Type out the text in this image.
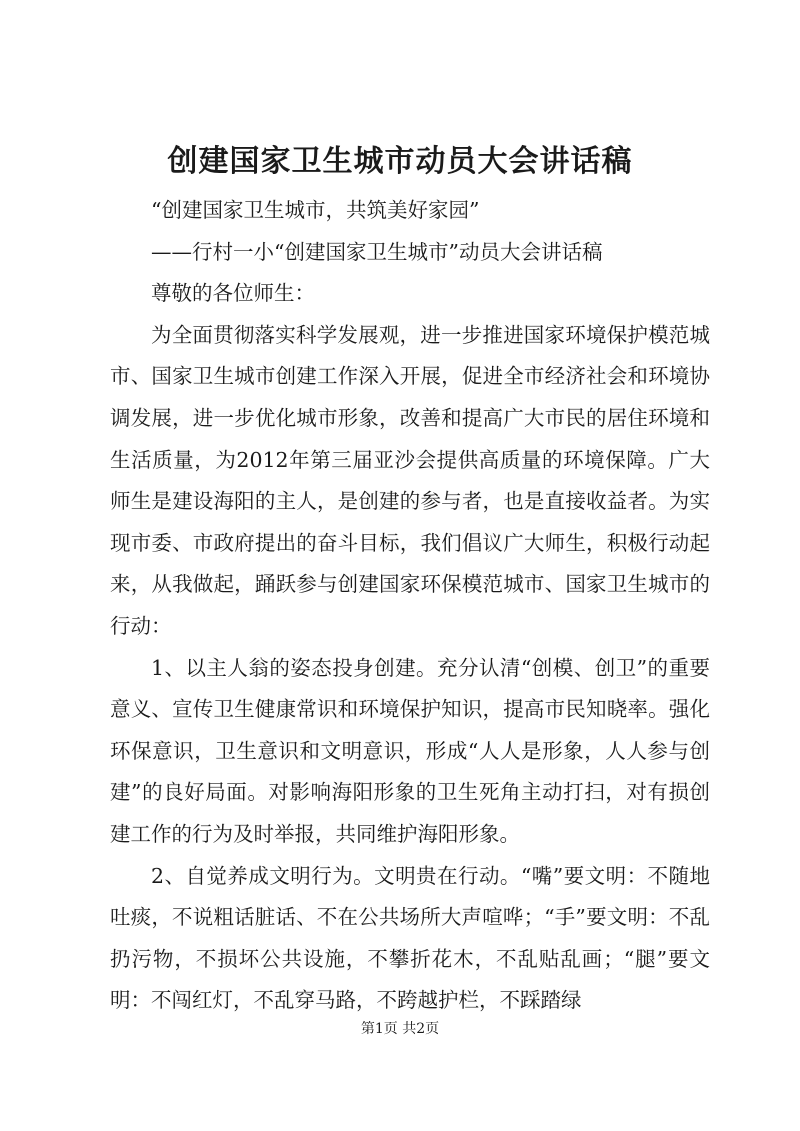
创建国家卫生城市动员大会讲话稿

“创建国家卫生城市，共筑美好家园”

——行村一小“创建国家卫生城市”动员大会讲话稿

尊敬的各位师生：

为全面贯彻落实科学发展观，进一步推进国家环境保护模范城市、国家卫生城市创建工作深入开展，促进全市经济社会和环境协调发展，进一步优化城市形象，改善和提高广大市民的居住环境和生活质量，为2012年第三届亚沙会提供高质量的环境保障。广大师生是建设海阳的主人，是创建的参与者，也是直接收益者。为实现市委、市政府提出的奋斗目标，我们倡议广大师生，积极行动起来，从我做起，踊跃参与创建国家环保模范城市、国家卫生城市的行动：

1、以主人翁的姿态投身创建。充分认清“创模、创卫”的重要意义、宣传卫生健康常识和环境保护知识，提高市民知晓率。强化环保意识，卫生意识和文明意识，形成“人人是形象，人人参与创建”的良好局面。对影响海阳形象的卫生死角主动打扫，对有损创建工作的行为及时举报，共同维护海阳形象。

2、自觉养成文明行为。文明贵在行动。“嘴”要文明：不随地吐痰，不说粗话脏话、不在公共场所大声喧哗；“手”要文明：不乱扔污物，不损坏公共设施，不攀折花木，不乱贴乱画；“腿”要文明：不闯红灯，不乱穿马路，不跨越护栏，不踩踏绿

第1页 共2页
